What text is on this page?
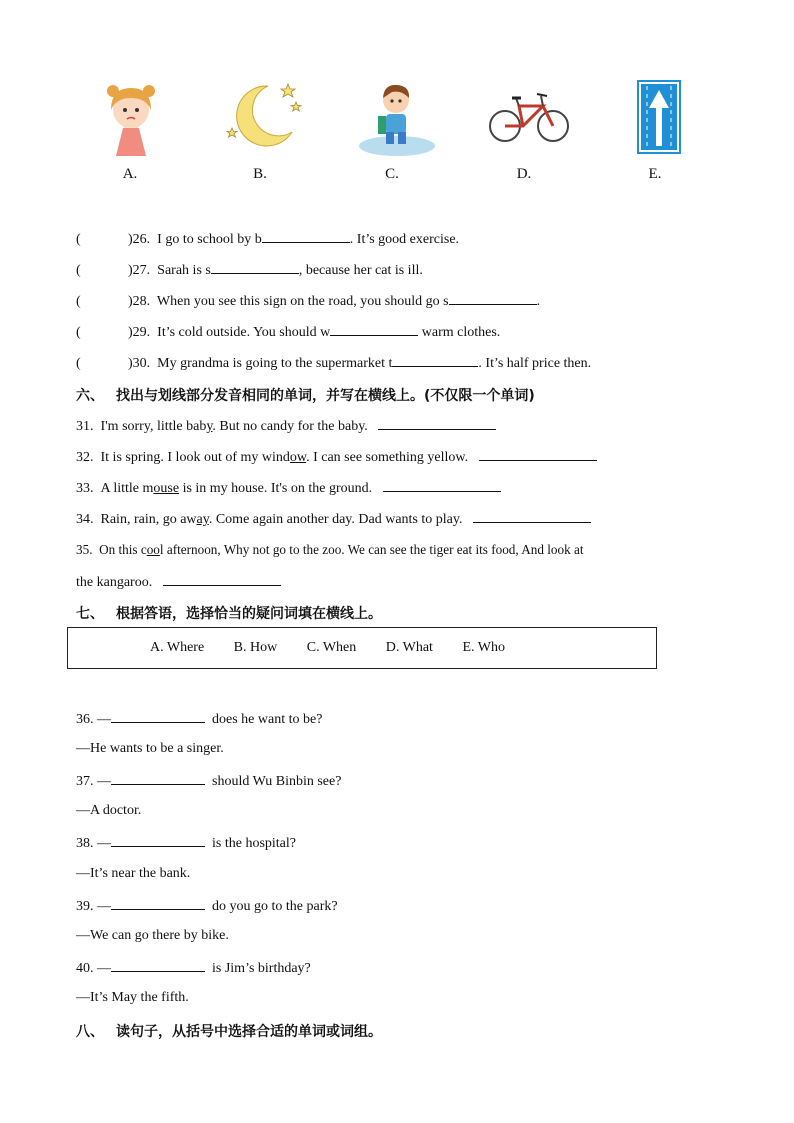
A.	B.	C.	D.	E.
(	)26. I go to school by b	. It’s good exercise.
(	)27. Sarah is s	, because her cat is ill.
(	)28. When you see this sign on the road, you should go s	.
(	)29. It’s cold outside. You should w	warm clothes.
(	)30. My grandma is going to the supermarket t	. It’s half price then.
六、 找出与划线部分发音相同的单词，并写在横线上。(不仅限一个单词)
31. I'm sorry, little baby. But no candy for the baby.
32. It is spring. I look out of my window. I can see something yellow.
33. A little mouse is in my house. It's on the ground.
34. Rain, rain, go away. Come again another day. Dad wants to play.
35. On this cool afternoon, Why not go to the zoo. We can see the tiger eat its food, And look at
the kangaroo.
七、 根据答语，选择恰当的疑问词填在横线上。
A. Where B. How C. When D. What E. Who
36. —	does he want to be?
—He wants to be a singer.
37. —	should Wu Binbin see?
—A doctor.
38. —	is the hospital?
—It’s near the bank.
39. —	do you go to the park?
—We can go there by bike.
40. —	is Jim’s birthday?
—It’s May the fifth.
八、 读句子，从括号中选择合适的单词或词组。
